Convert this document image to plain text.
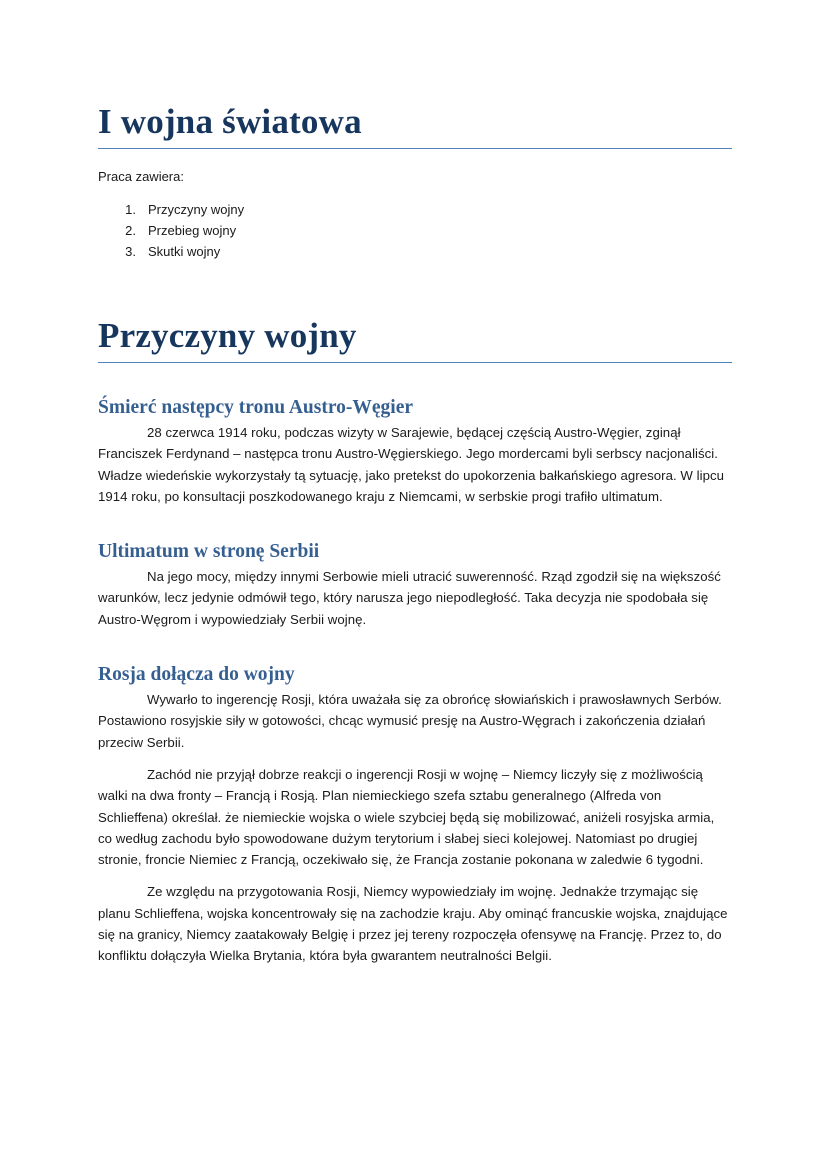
I wojna światowa

Praca zawiera:

1. Przyczyny wojny
2. Przebieg wojny
3. Skutki wojny
Przyczyny wojny
Śmierć następcy tronu Austro-Węgier

28 czerwca 1914 roku, podczas wizyty w Sarajewie, będącej częścią Austro-Węgier, zginął Franciszek Ferdynand – następca tronu Austro-Węgierskiego. Jego mordercami byli serbscy nacjonaliści. Władze wiedeńskie wykorzystały tą sytuację, jako pretekst do upokorzenia bałkańskiego agresora. W lipcu 1914 roku, po konsultacji poszkodowanego kraju z Niemcami, w serbskie progi trafiło ultimatum.

Ultimatum w stronę Serbii

Na jego mocy, między innymi Serbowie mieli utracić suwerenność. Rząd zgodził się na większość warunków, lecz jedynie odmówił tego, który narusza jego niepodległość. Taka decyzja nie spodobała się Austro-Węgrom i wypowiedziały Serbii wojnę.

Rosja dołącza do wojny

Wywarło to ingerencję Rosji, która uważała się za obrońcę słowiańskich i prawosławnych Serbów. Postawiono rosyjskie siły w gotowości, chcąc wymusić presję na Austro-Węgrach i zakończenia działań przeciw Serbii.

Zachód nie przyjął dobrze reakcji o ingerencji Rosji w wojnę – Niemcy liczyły się z możliwością walki na dwa fronty – Francją i Rosją. Plan niemieckiego szefa sztabu generalnego (Alfreda von Schlieffena) określał. że niemieckie wojska o wiele szybciej będą się mobilizować, aniżeli rosyjska armia, co według zachodu było spowodowane dużym terytorium i słabej sieci kolejowej. Natomiast po drugiej stronie, froncie Niemiec z Francją, oczekiwało się, że Francja zostanie pokonana w zaledwie 6 tygodni.

Ze względu na przygotowania Rosji, Niemcy wypowiedziały im wojnę. Jednakże trzymając się planu Schlieffena, wojska koncentrowały się na zachodzie kraju. Aby ominąć francuskie wojska, znajdujące się na granicy, Niemcy zaatakowały Belgię i przez jej tereny rozpoczęła ofensywę na Francję. Przez to, do konfliktu dołączyła Wielka Brytania, która była gwarantem neutralności Belgii.
